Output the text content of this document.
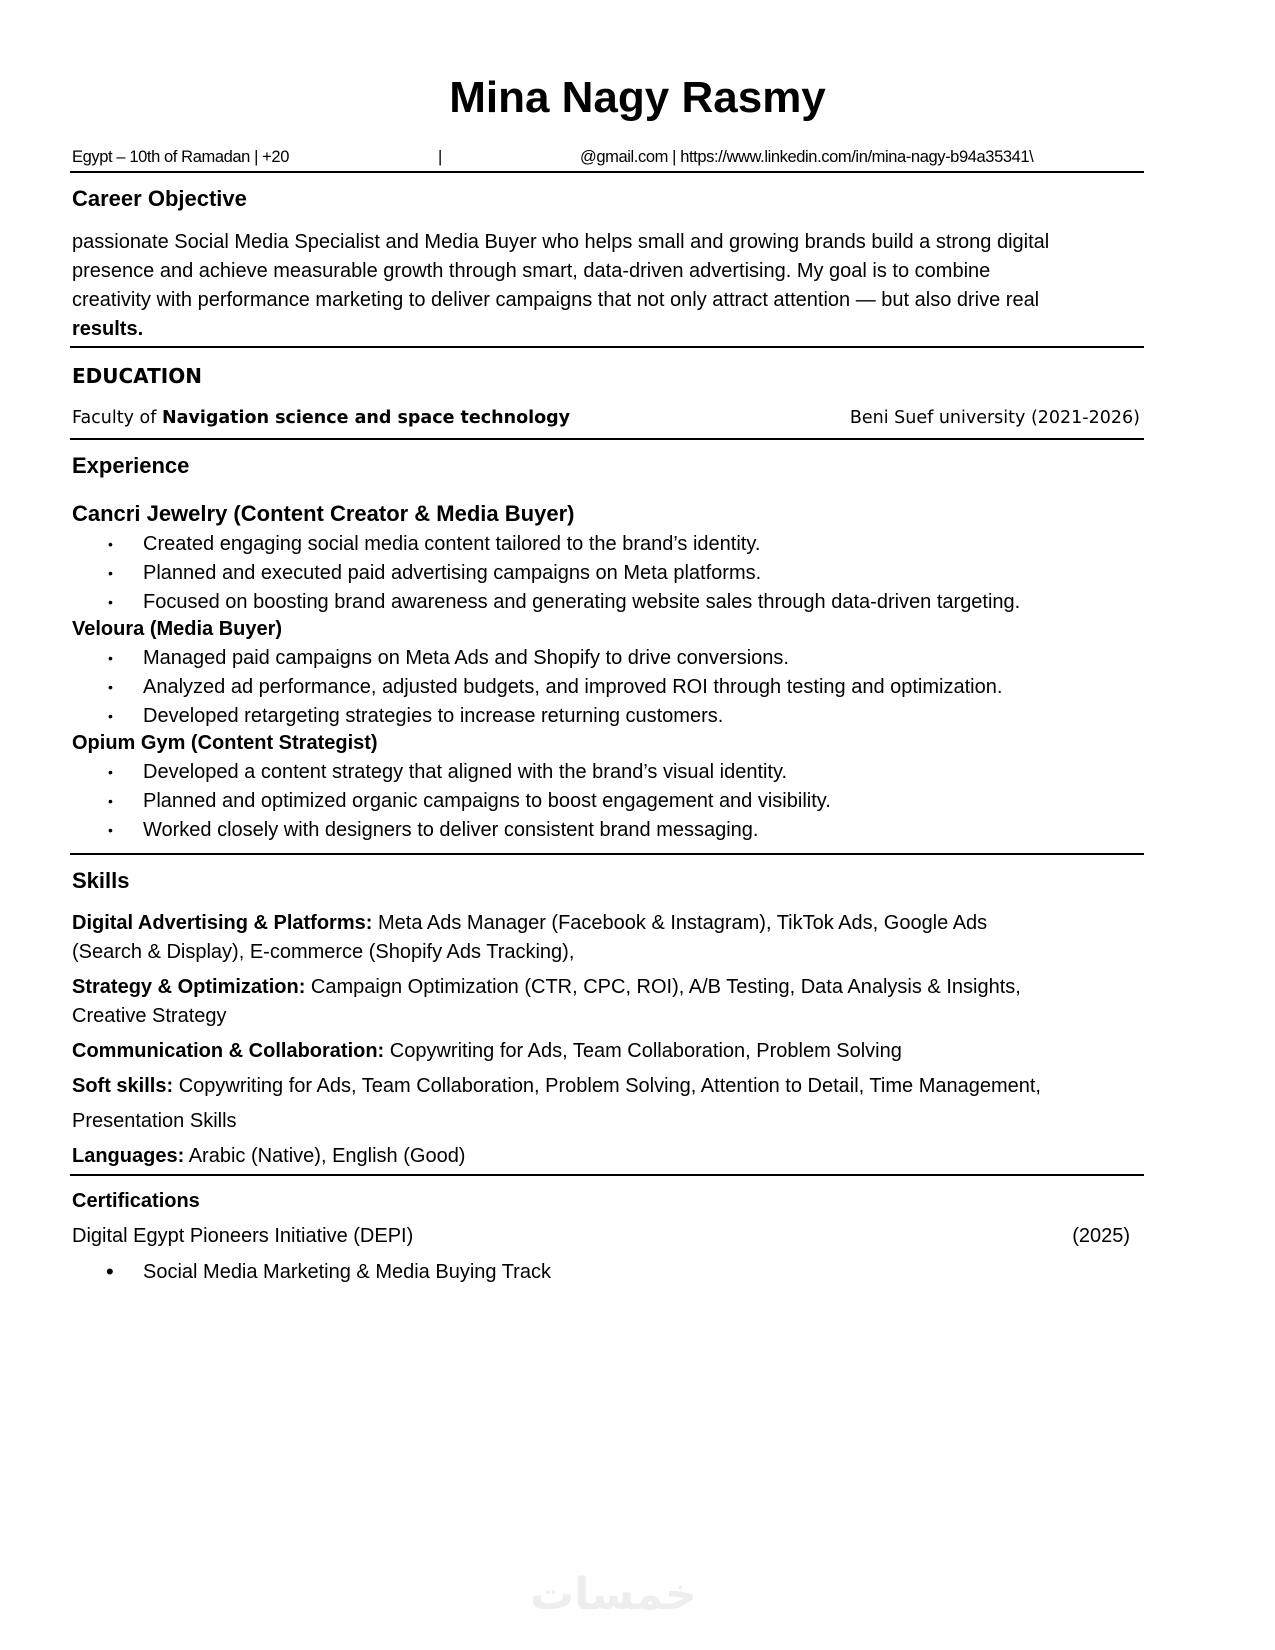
Mina Nagy Rasmy
Egypt – 10th of Ramadan | +20	|	@gmail.com | https://www.linkedin.com/in/mina-nagy-b94a35341\
Career Objective
passionate Social Media Specialist and Media Buyer who helps small and growing brands build a strong digital
presence and achieve measurable growth through smart, data-driven advertising. My goal is to combine
creativity with performance marketing to deliver campaigns that not only attract attention — but also drive real
results.
EDUCATION
Faculty of Navigation science and space technology	Beni Suef university (2021-2026)
Experience
Cancri Jewelry (Content Creator & Media Buyer)
•	Created engaging social media content tailored to the brand’s identity.
•	Planned and executed paid advertising campaigns on Meta platforms.
•	Focused on boosting brand awareness and generating website sales through data-driven targeting.
Veloura (Media Buyer)
•	Managed paid campaigns on Meta Ads and Shopify to drive conversions.
•	Analyzed ad performance, adjusted budgets, and improved ROI through testing and optimization.
•	Developed retargeting strategies to increase returning customers.
Opium Gym (Content Strategist)
•	Developed a content strategy that aligned with the brand’s visual identity.
•	Planned and optimized organic campaigns to boost engagement and visibility.
•	Worked closely with designers to deliver consistent brand messaging.
Skills
Digital Advertising & Platforms: Meta Ads Manager (Facebook & Instagram), TikTok Ads, Google Ads
(Search & Display), E-commerce (Shopify Ads Tracking),
Strategy & Optimization: Campaign Optimization (CTR, CPC, ROI), A/B Testing, Data Analysis & Insights,
Creative Strategy
Communication & Collaboration: Copywriting for Ads, Team Collaboration, Problem Solving
Soft skills: Copywriting for Ads, Team Collaboration, Problem Solving, Attention to Detail, Time Management,
Presentation Skills
Languages: Arabic (Native), English (Good)
Certifications
Digital Egypt Pioneers Initiative (DEPI)	(2025)
•	Social Media Marketing & Media Buying Track
خمسات
